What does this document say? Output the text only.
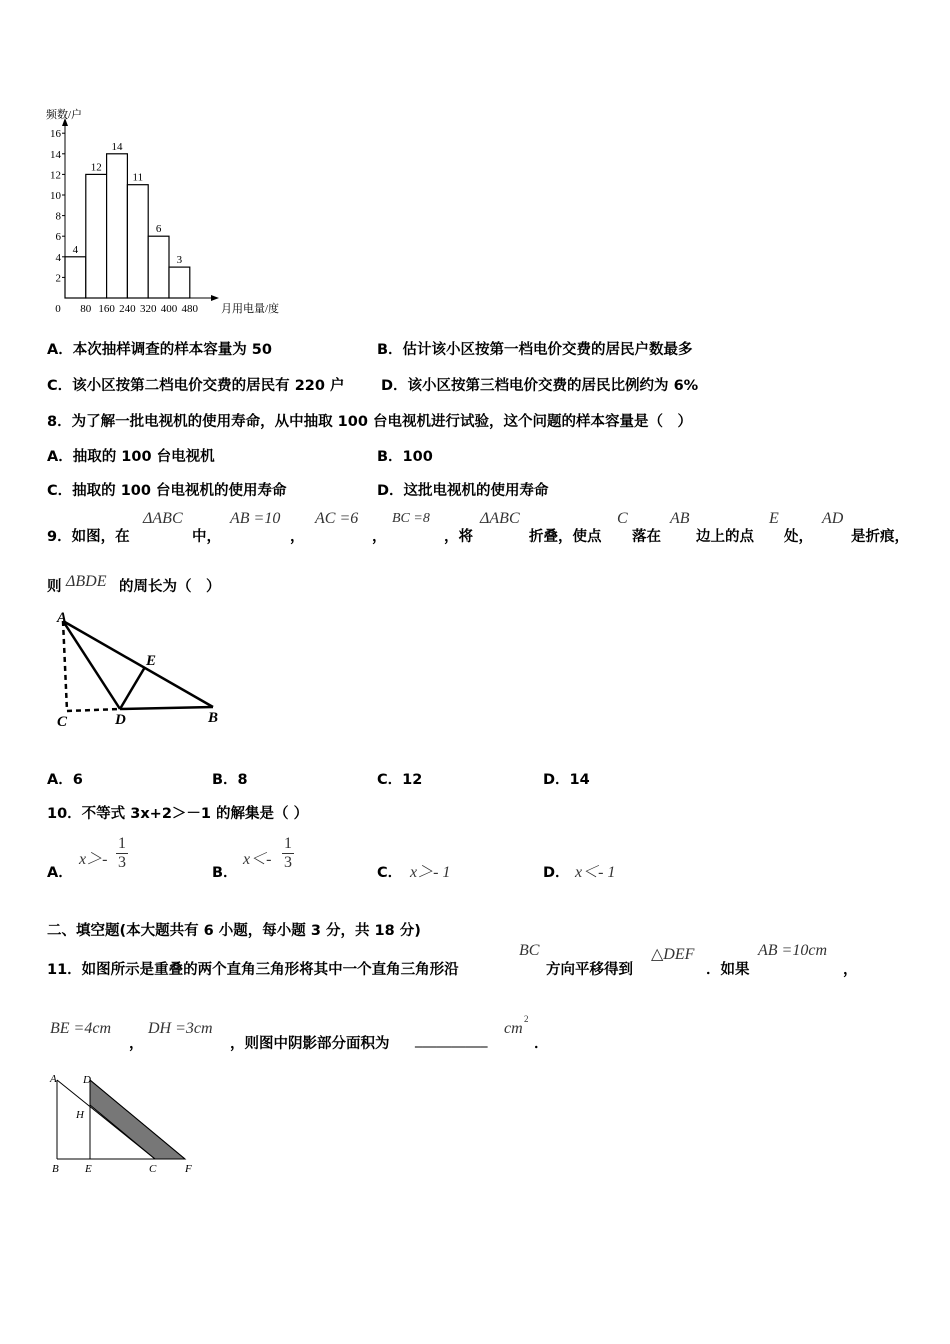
2
4
6
8
10
12
14
16
0 80 160 240 320 400 480
4
12
14
11
6
3
频数/户
月用电量/度
A．本次抽样调查的样本容量为 50	B．估计该小区按第一档电价交费的居民户数最多
C．该小区按第二档电价交费的居民有 220 户	D．该小区按第三档电价交费的居民比例约为 6%
8．为了解一批电视机的使用寿命，从中抽取 100 台电视机进行试验，这个问题的样本容量是（　）
A．抽取的 100 台电视机	B．100
C．抽取的 100 台电视机的使用寿命	D．这批电视机的使用寿命
9．如图，在
ΔABC
中，
AB =10
，
AC =6
，
BC =8
，将
ΔABC
折叠，使点
C
落在
AB
边上的点
E
处，
AD
是折痕，
则 ΔBDE 的周长为（　）
A
E
C	D	B
A．6	B．8	C．12	D．14
10．不等式 3x+2＞－1 的解集是（ ）
A．
x＞-
1
3
B．
x＜-
1
3
C． x＞- 1	D． x＜- 1
二、填空题(本大题共有 6 小题，每小题 3 分，共 18 分)
11．如图所示是重叠的两个直角三角形将其中一个直角三角形沿
BC
方向平移得到
△DEF
．如果
AB =10cm
，
BE =4cm
，
DH =3cm
，则图中阴影部分面积为 __________
cm
2
．
A D
H
B E	C	F
